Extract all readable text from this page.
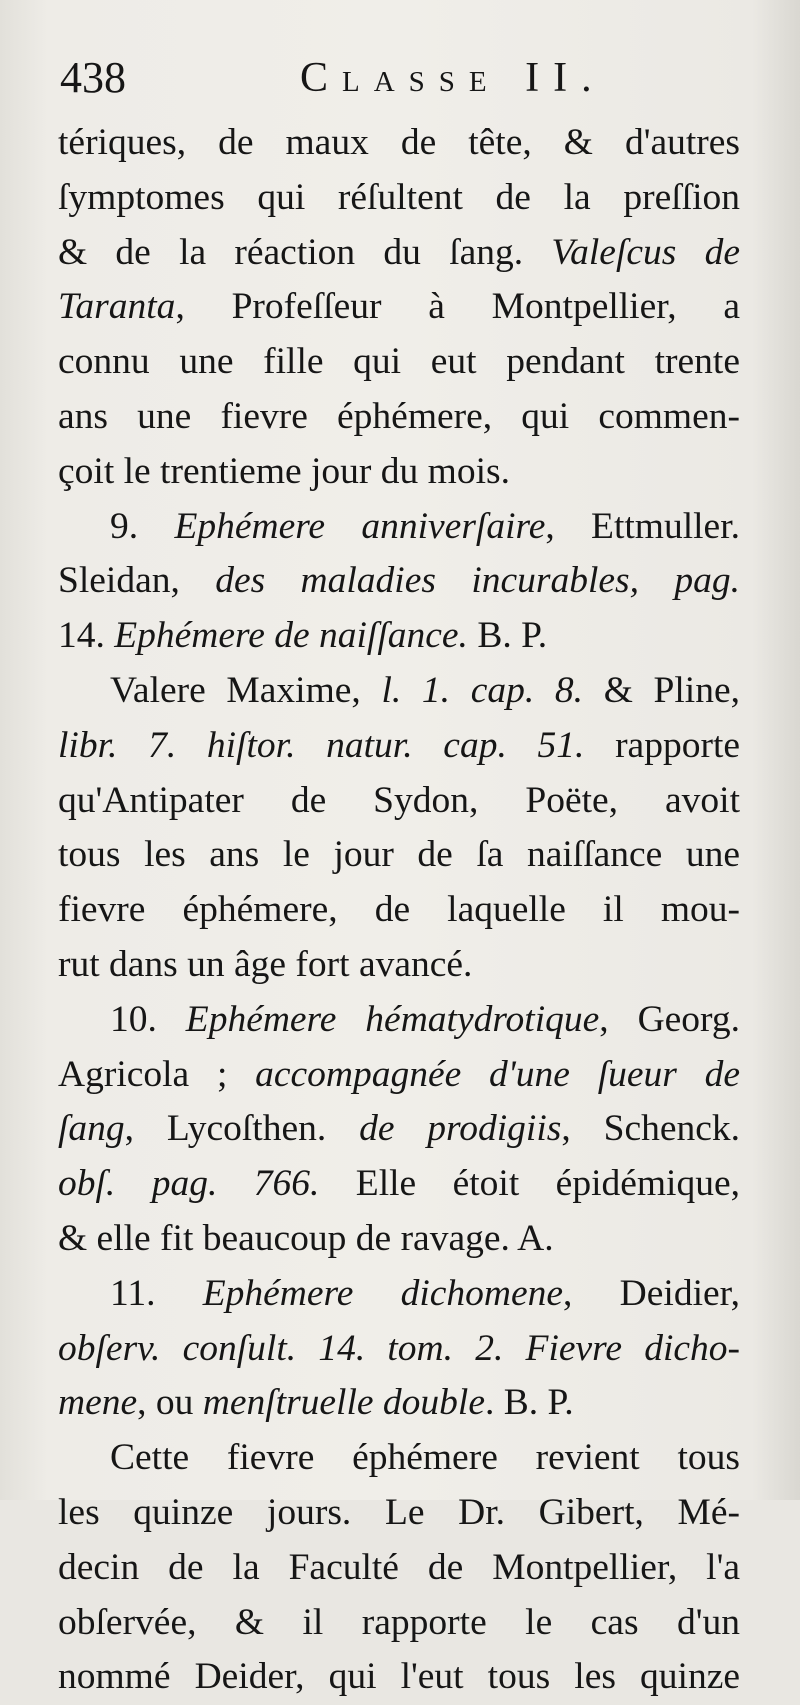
438	Classe II.
tériques, de maux de tête, & d'autres
ſymptomes qui réſultent de la preſſion
& de la réaction du ſang. Valeſcus de
Taranta, Profeſſeur à Montpellier, a
connu une fille qui eut pendant trente
ans une fievre éphémere, qui commen-
çoit le trentieme jour du mois.
9. Ephémere anniverſaire, Ettmuller.
Sleidan, des maladies incurables, pag.
14. Ephémere de naiſſance. B. P.
Valere Maxime, l. 1. cap. 8. & Pline,
libr. 7. hiſtor. natur. cap. 51. rapporte
qu'Antipater de Sydon, Poëte, avoit
tous les ans le jour de ſa naiſſance une
fievre éphémere, de laquelle il mou-
rut dans un âge fort avancé.
10. Ephémere hématydrotique, Georg.
Agricola ; accompagnée d'une ſueur de
ſang, Lycoſthen. de prodigiis, Schenck.
obſ. pag. 766. Elle étoit épidémique,
& elle fit beaucoup de ravage. A.
11. Ephémere dichomene, Deidier,
obſerv. conſult. 14. tom. 2. Fievre dicho-
mene, ou menſtruelle double. B. P.
Cette fievre éphémere revient tous
les quinze jours. Le Dr. Gibert, Mé-
decin de la Faculté de Montpellier, l'a
obſervée, & il rapporte le cas d'un
nommé Deider, qui l'eut tous les quinze
